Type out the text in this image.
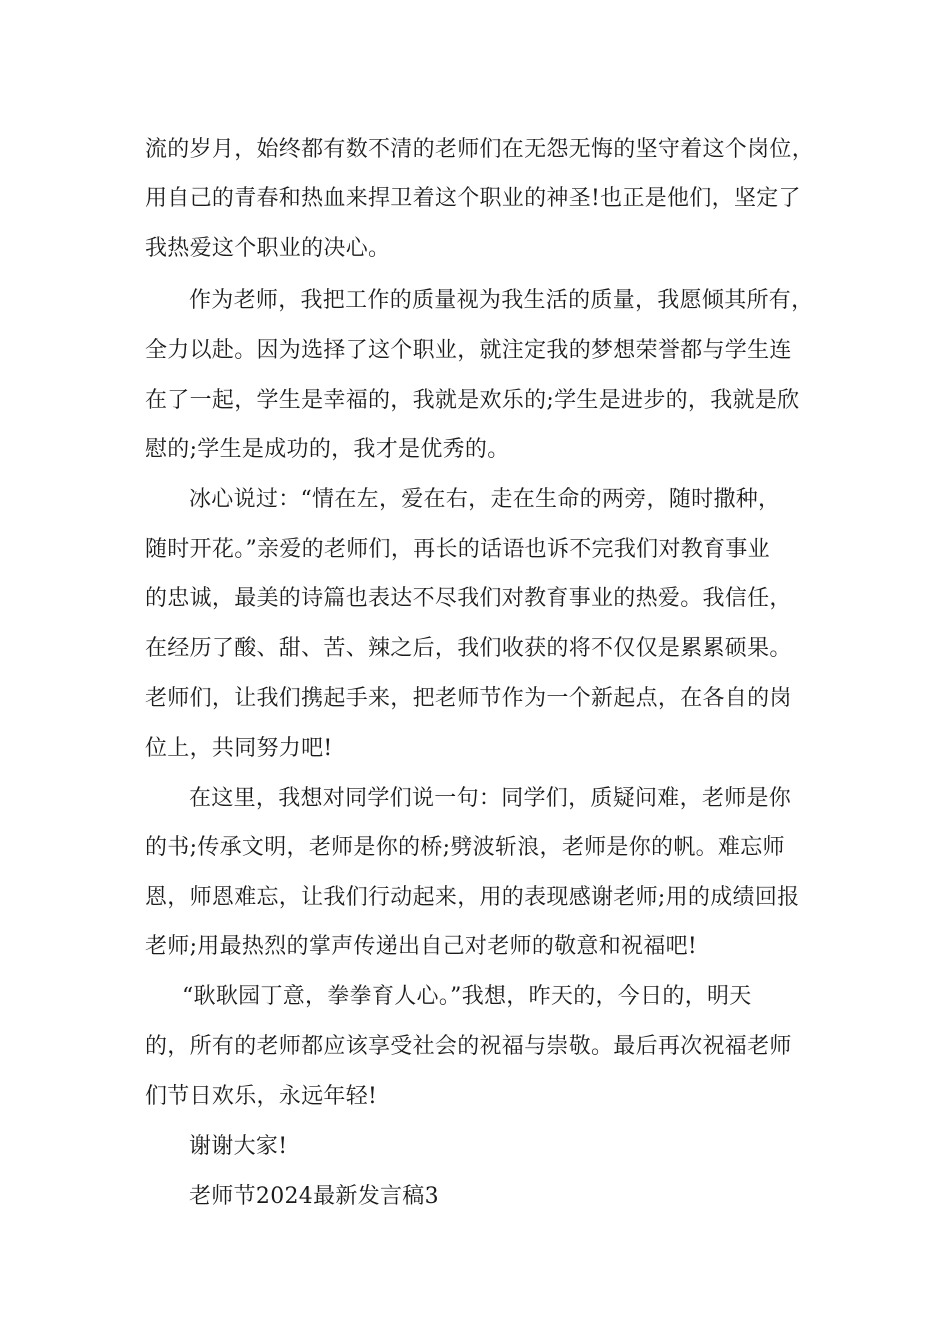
流的岁月，始终都有数不清的老师们在无怨无悔的坚守着这个岗位，
用自己的青春和热血来捍卫着这个职业的神圣!也正是他们，坚定了
我热爱这个职业的决心。
作为老师，我把工作的质量视为我生活的质量，我愿倾其所有，
全力以赴。因为选择了这个职业，就注定我的梦想荣誉都与学生连
在了一起，学生是幸福的，我就是欢乐的;学生是进步的，我就是欣
慰的;学生是成功的，我才是优秀的。
冰心说过：“情在左，爱在右，走在生命的两旁，随时撒种，
随时开花。”亲爱的老师们，再长的话语也诉不完我们对教育事业
的忠诚，最美的诗篇也表达不尽我们对教育事业的热爱。我信任，
在经历了酸、甜、苦、辣之后，我们收获的将不仅仅是累累硕果。
老师们，让我们携起手来，把老师节作为一个新起点，在各自的岗
位上，共同努力吧!
在这里，我想对同学们说一句：同学们，质疑问难，老师是你
的书;传承文明，老师是你的桥;劈波斩浪，老师是你的帆。难忘师
恩，师恩难忘，让我们行动起来，用的表现感谢老师;用的成绩回报
老师;用最热烈的掌声传递出自己对老师的敬意和祝福吧!
“耿耿园丁意，拳拳育人心。”我想，昨天的，今日的，明天
的，所有的老师都应该享受社会的祝福与崇敬。最后再次祝福老师
们节日欢乐，永远年轻!
谢谢大家!
老师节2024最新发言稿3
